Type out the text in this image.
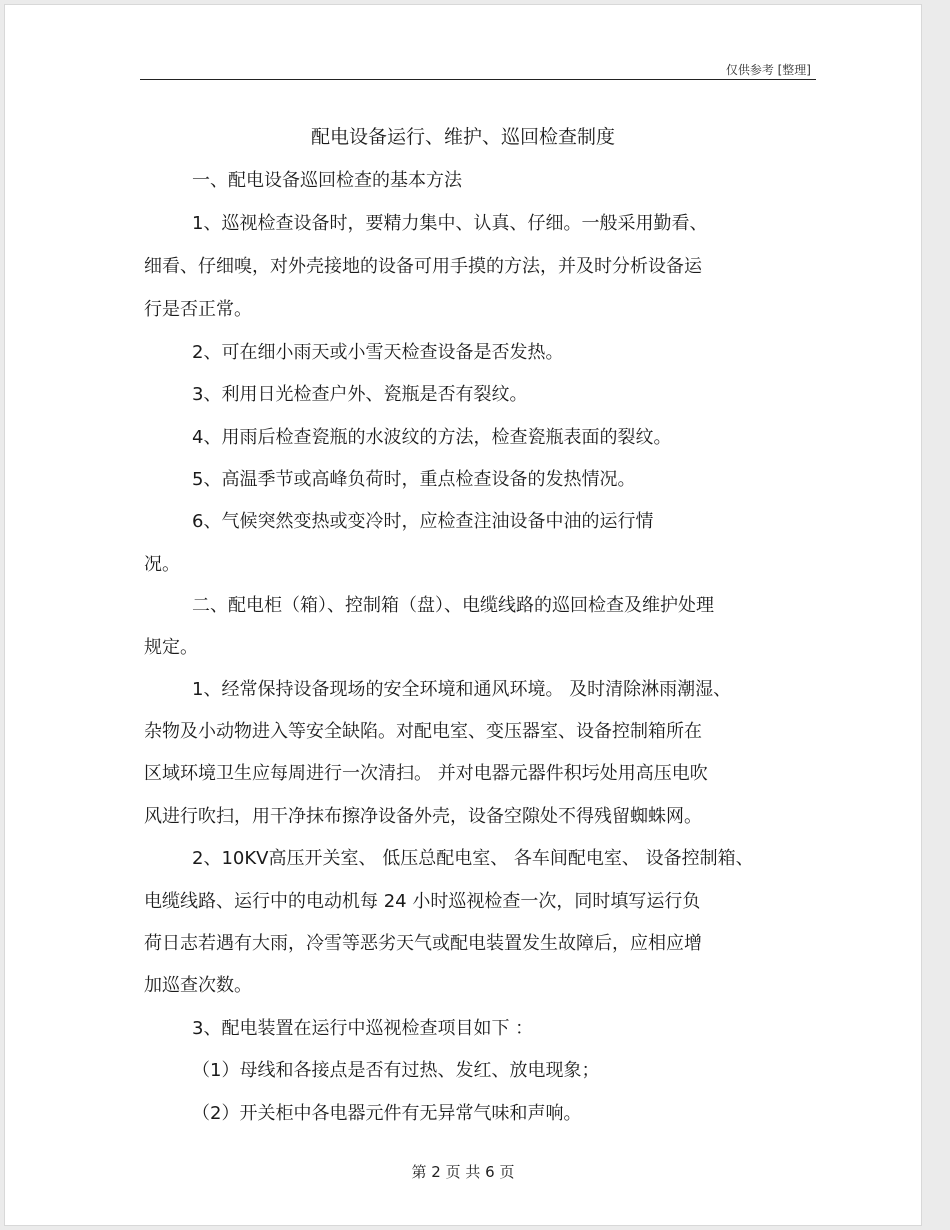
仅供参考 [整理]
配电设备运行、维护、巡回检查制度
一、配电设备巡回检查的基本方法
1、巡视检查设备时，要精力集中、认真、仔细。一般采用勤看、
细看、仔细嗅，对外壳接地的设备可用手摸的方法，并及时分析设备运
行是否正常。
2、可在细小雨天或小雪天检查设备是否发热。
3、利用日光检查户外、瓷瓶是否有裂纹。
4、用雨后检查瓷瓶的水波纹的方法，检查瓷瓶表面的裂纹。
5、高温季节或高峰负荷时，重点检查设备的发热情况。
6、气候突然变热或变冷时，应检查注油设备中油的运行情
况。
二、配电柜（箱）、控制箱（盘）、电缆线路的巡回检查及维护处理
规定。
1、经常保持设备现场的安全环境和通风环境。 及时清除淋雨潮湿、
杂物及小动物进入等安全缺陷。对配电室、变压器室、设备控制箱所在
区域环境卫生应每周进行一次清扫。 并对电器元器件积圬处用高压电吹
风进行吹扫，用干净抹布擦净设备外壳，设备空隙处不得残留蜘蛛网。
2、10KV高压开关室、 低压总配电室、 各车间配电室、 设备控制箱、
电缆线路、运行中的电动机每 24 小时巡视检查一次，同时填写运行负
荷日志若遇有大雨，冷雪等恶劣天气或配电装置发生故障后，应相应增
加巡查次数。
3、配电装置在运行中巡视检查项目如下 ：
（1）母线和各接点是否有过热、发红、放电现象；
（2）开关柜中各电器元件有无异常气味和声响。
第 2 页 共 6 页
